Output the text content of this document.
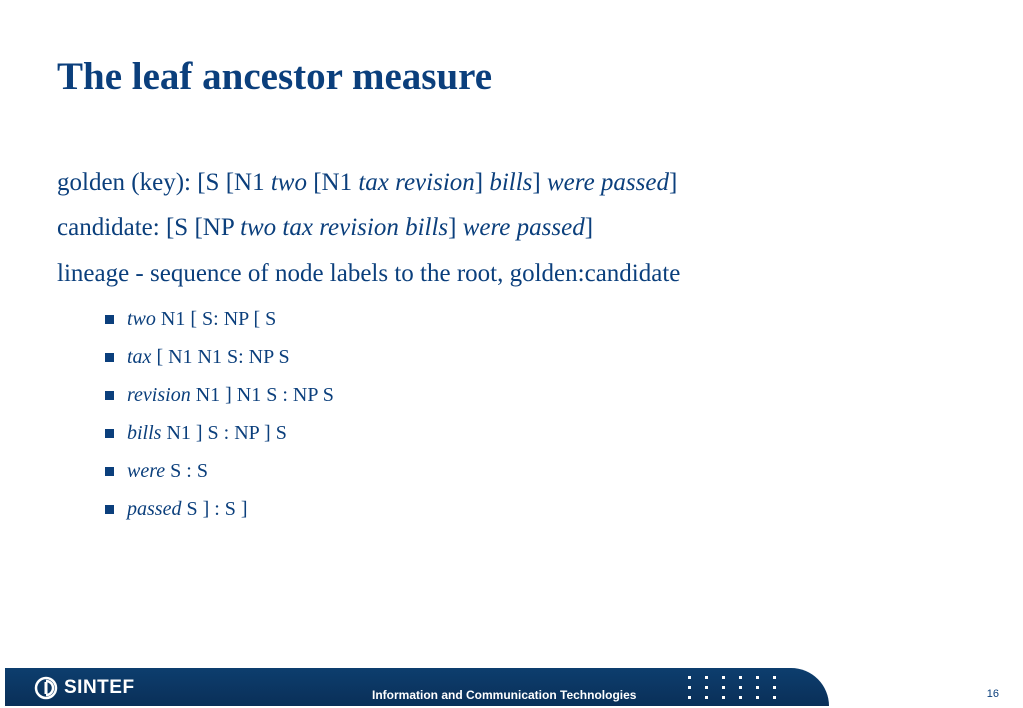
The leaf ancestor measure
golden (key): [S [N1 two [N1 tax revision] bills] were passed]
candidate: [S [NP two tax revision bills] were passed]
lineage - sequence of node labels to the root, golden:candidate
two N1 [ S: NP [ S
tax [ N1 N1 S: NP S
revision N1 ] N1 S : NP S
bills N1 ] S : NP ] S
were S : S
passed S ] : S ]
SINTEF	Information and Communication Technologies	16
